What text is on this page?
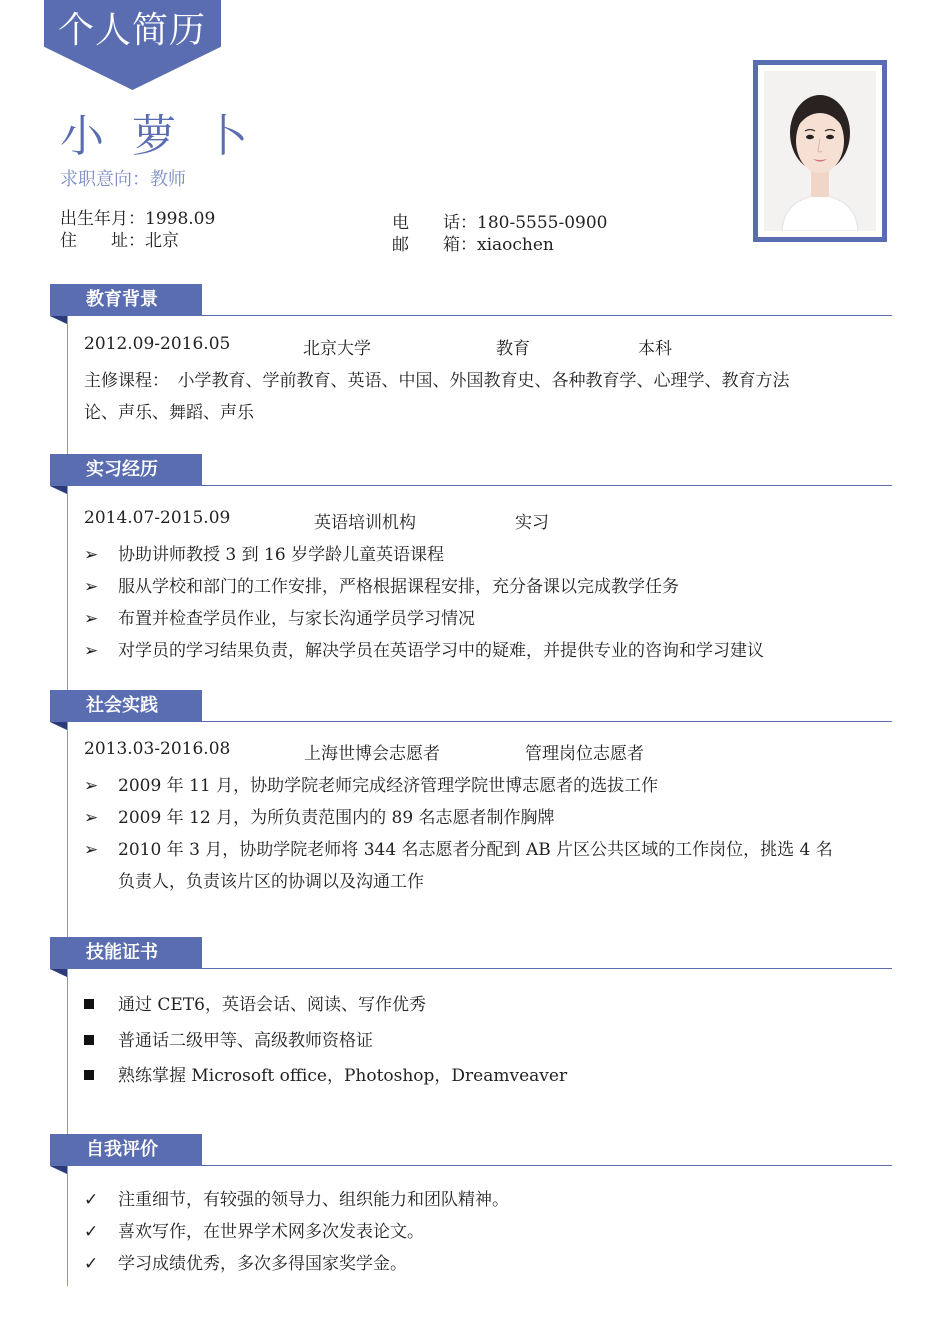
个人简历
小萝卜
求职意向：教师
出生年月：1998.09
住　　址：北京
电　　话：180-5555-0900
邮　　箱：xiaochen
教育背景
2012.09-2016.05	北京大学	教育	本科
主修课程：　小学教育、学前教育、英语、中国、外国教育史、各种教育学、心理学、教育方法
论、声乐、舞蹈、声乐
实习经历
2014.07-2015.09	英语培训机构	实习
➢ 协助讲师教授 3 到 16 岁学龄儿童英语课程
➢ 服从学校和部门的工作安排，严格根据课程安排，充分备课以完成教学任务
➢ 布置并检查学员作业，与家长沟通学员学习情况
➢ 对学员的学习结果负责，解决学员在英语学习中的疑难，并提供专业的咨询和学习建议
社会实践
2013.03-2016.08	上海世博会志愿者	管理岗位志愿者
➢ 2009 年 11 月，协助学院老师完成经济管理学院世博志愿者的选拔工作
➢ 2009 年 12 月，为所负责范围内的 89 名志愿者制作胸牌
➢ 2010 年 3 月，协助学院老师将 344 名志愿者分配到 AB 片区公共区域的工作岗位，挑选 4 名
负责人，负责该片区的协调以及沟通工作
技能证书
通过 CET6，英语会话、阅读、写作优秀
普通话二级甲等、高级教师资格证
熟练掌握 Microsoft office，Photoshop，Dreamveaver
自我评价
✓ 注重细节，有较强的领导力、组织能力和团队精神。
✓ 喜欢写作，在世界学术网多次发表论文。
✓ 学习成绩优秀，多次多得国家奖学金。
